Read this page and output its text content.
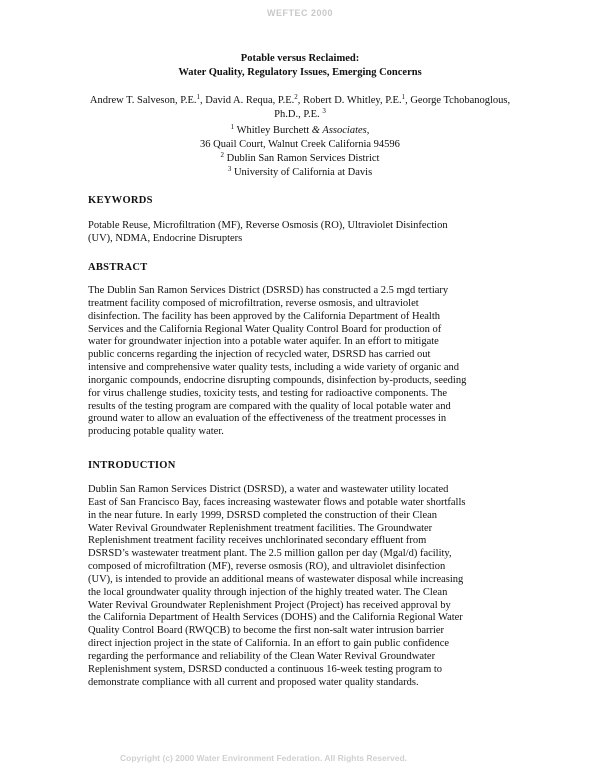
WEFTEC 2000
Potable versus Reclaimed:
Water Quality, Regulatory Issues, Emerging Concerns
Andrew T. Salveson, P.E.$^1$, David A. Requa, P.E.$^2$, Robert D. Whitley, P.E.$^1$, George Tchobanoglous, Ph.D., P.E. $^3$
$^1$ Whitley Burchett & Associates,
36 Quail Court, Walnut Creek California 94596
$^2$ Dublin San Ramon Services District
$^3$ University of California at Davis
KEYWORDS
Potable Reuse, Microfiltration (MF), Reverse Osmosis (RO), Ultraviolet Disinfection
(UV), NDMA, Endocrine Disrupters
ABSTRACT
The Dublin San Ramon Services District (DSRSD) has constructed a 2.5 mgd tertiary
treatment facility composed of microfiltration, reverse osmosis, and ultraviolet
disinfection. The facility has been approved by the California Department of Health
Services and the California Regional Water Quality Control Board for production of
water for groundwater injection into a potable water aquifer. In an effort to mitigate
public concerns regarding the injection of recycled water, DSRSD has carried out
intensive and comprehensive water quality tests, including a wide variety of organic and
inorganic compounds, endocrine disrupting compounds, disinfection by-products, seeding
for virus challenge studies, toxicity tests, and testing for radioactive components. The
results of the testing program are compared with the quality of local potable water and
ground water to allow an evaluation of the effectiveness of the treatment processes in
producing potable quality water.
INTRODUCTION
Dublin San Ramon Services District (DSRSD), a water and wastewater utility located
East of San Francisco Bay, faces increasing wastewater flows and potable water shortfalls
in the near future. In early 1999, DSRSD completed the construction of their Clean
Water Revival Groundwater Replenishment treatment facilities. The Groundwater
Replenishment treatment facility receives unchlorinated secondary effluent from
DSRSD’s wastewater treatment plant. The 2.5 million gallon per day (Mgal/d) facility,
composed of microfiltration (MF), reverse osmosis (RO), and ultraviolet disinfection
(UV), is intended to provide an additional means of wastewater disposal while increasing
the local groundwater quality through injection of the highly treated water. The Clean
Water Revival Groundwater Replenishment Project (Project) has received approval by
the California Department of Health Services (DOHS) and the California Regional Water
Quality Control Board (RWQCB) to become the first non-salt water intrusion barrier
direct injection project in the state of California. In an effort to gain public confidence
regarding the performance and reliability of the Clean Water Revival Groundwater
Replenishment system, DSRSD conducted a continuous 16-week testing program to
demonstrate compliance with all current and proposed water quality standards.
Copyright (c) 2000 Water Environment Federation. All Rights Reserved.
